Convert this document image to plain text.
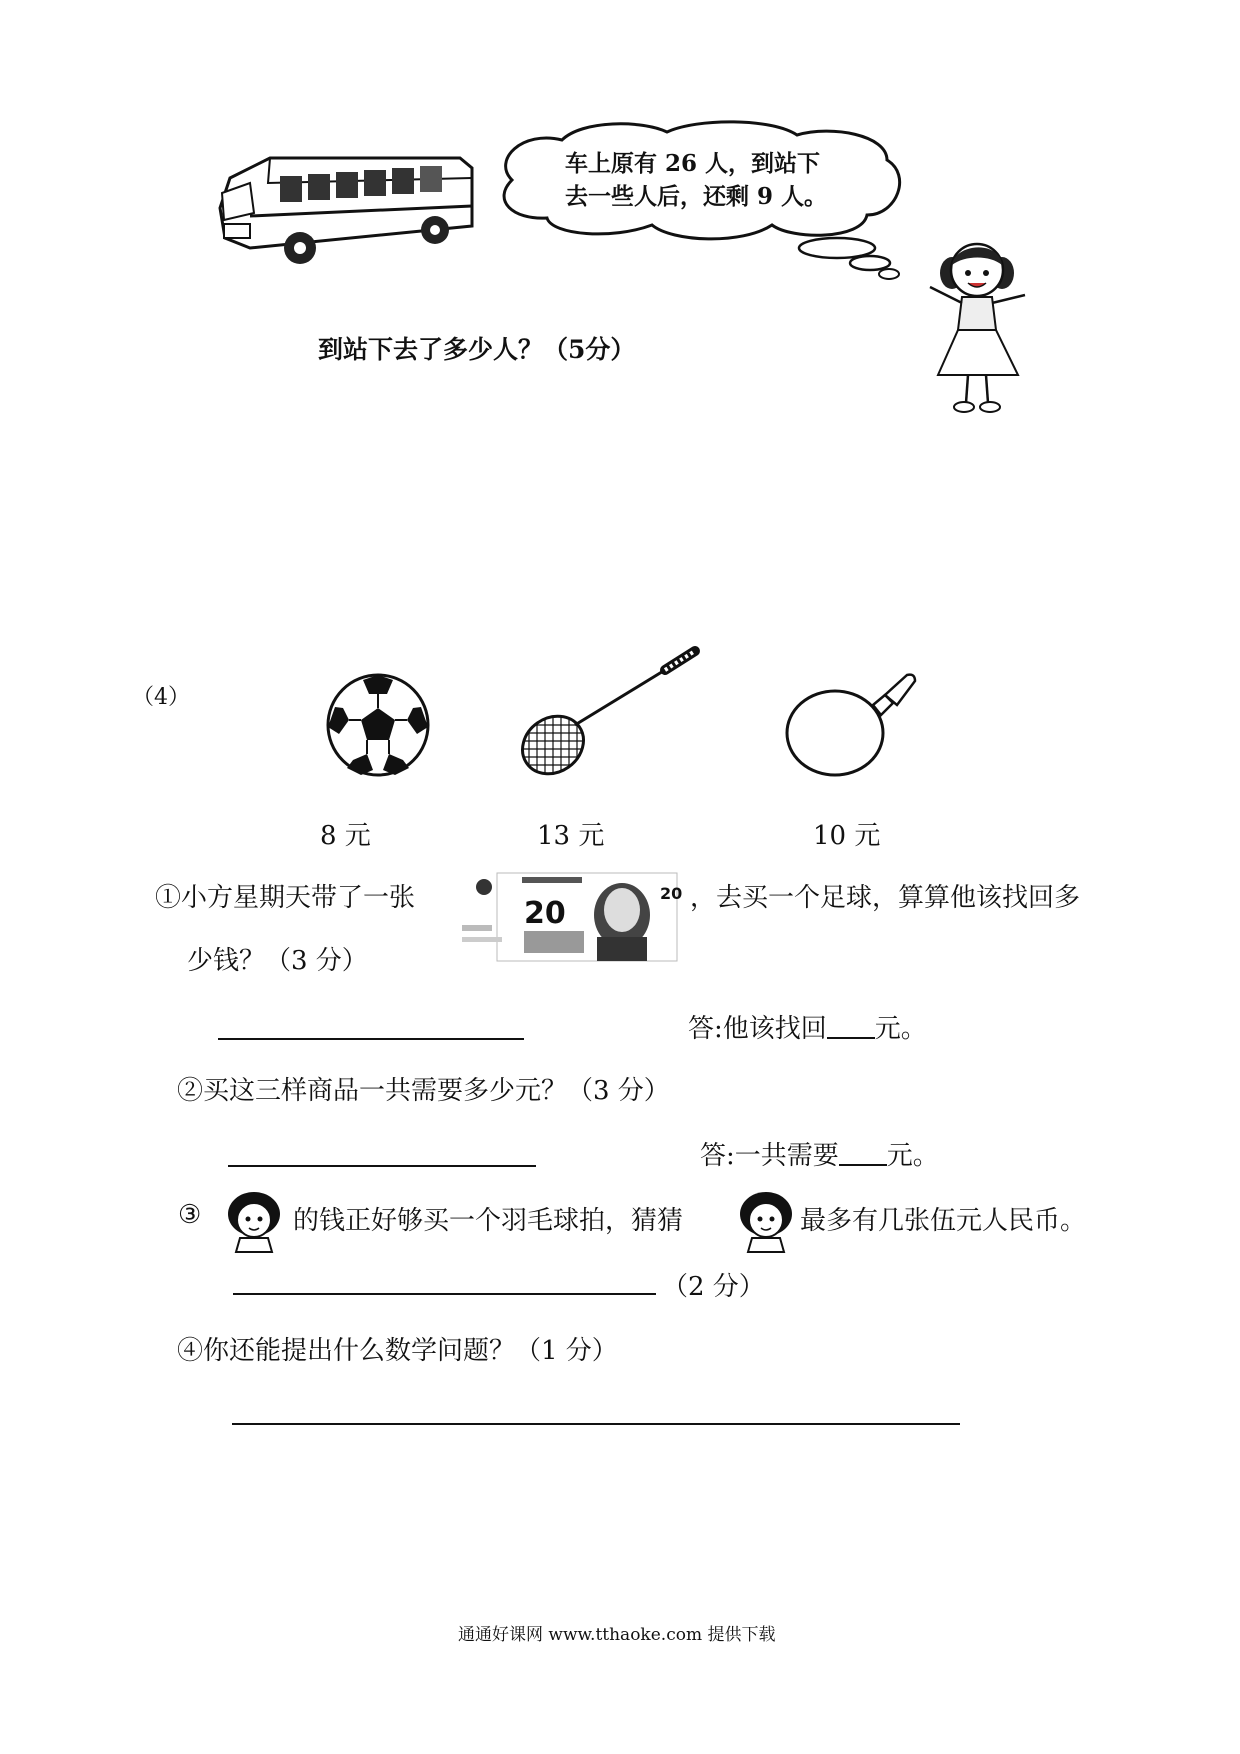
车上原有 26 人，到站下
去一些人后，还剩 9 人。
到站下去了多少人？（5分）
（4）
8 元	13 元	10 元
①小方星期天带了一张	20
20 ，去买一个足球，算算他该找回多
少钱？（3 分）
答:他该找回 元。
②买这三样商品一共需要多少元？（3 分）
答:一共需要 元。
③	的钱正好够买一个羽毛球拍，猜猜	最多有几张伍元人民币。
（2 分）
④你还能提出什么数学问题？（1 分）
通通好课网 www.tthaoke.com 提供下载
